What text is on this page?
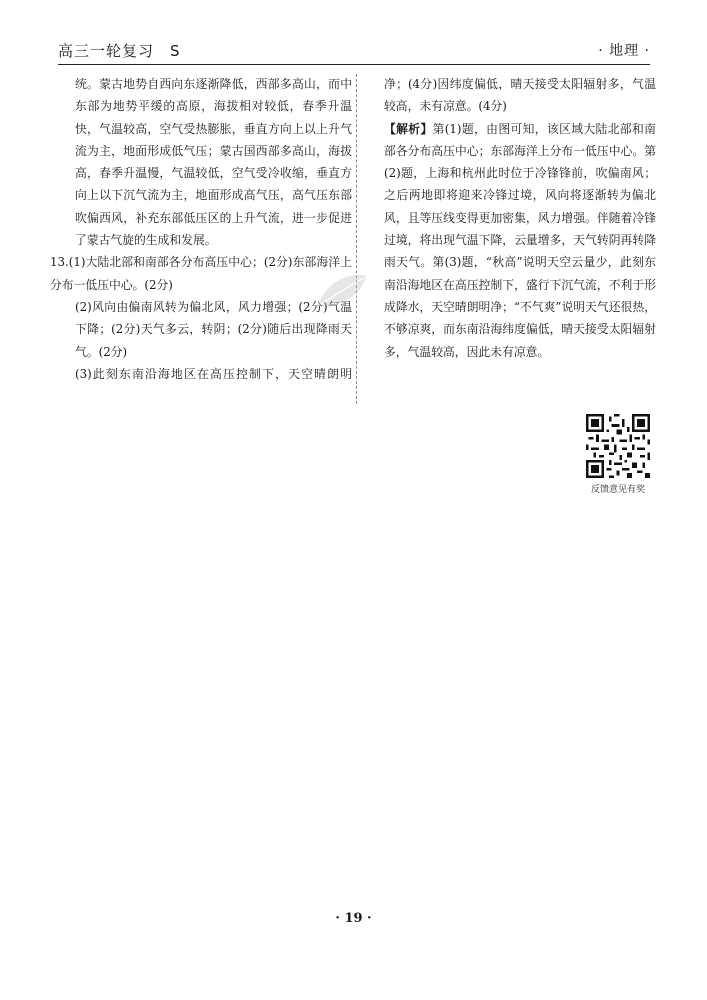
高三一轮复习　S	· 地理 ·

统。蒙古地势自西向东逐渐降低，西部多高山，而中东部为地势平缓的高原，海拔相对较低，春季升温快，气温较高，空气受热膨胀，垂直方向上以上升气流为主，地面形成低气压；蒙古国西部多高山，海拔高，春季升温慢，气温较低，空气受冷收缩，垂直方向上以下沉气流为主，地面形成高气压，高气压东部吹偏西风，补充东部低压区的上升气流，进一步促进了蒙古气旋的生成和发展。

13.(1)大陆北部和南部各分布高压中心；(2分)东部海洋上分布一低压中心。(2分)

(2)风向由偏南风转为偏北风，风力增强；(2分)气温下降；(2分)天气多云，转阴；(2分)随后出现降雨天气。(2分)

(3)此刻东南沿海地区在高压控制下，天空晴朗明

净；(4分)因纬度偏低，晴天接受太阳辐射多，气温较高，未有凉意。(4分)

【解析】第(1)题，由图可知，该区域大陆北部和南部各分布高压中心；东部海洋上分布一低压中心。第(2)题，上海和杭州此时位于冷锋锋前，吹偏南风；之后两地即将迎来冷锋过境，风向将逐渐转为偏北风，且等压线变得更加密集，风力增强。伴随着冷锋过境，将出现气温下降，云量增多，天气转阴再转降雨天气。第(3)题，“秋高”说明天空云量少，此刻东南沿海地区在高压控制下，盛行下沉气流，不利于形成降水，天空晴朗明净；“不气爽”说明天气还很热，不够凉爽，而东南沿海纬度偏低，晴天接受太阳辐射多，气温较高，因此未有凉意。

反馈意见有奖
· 19 ·
